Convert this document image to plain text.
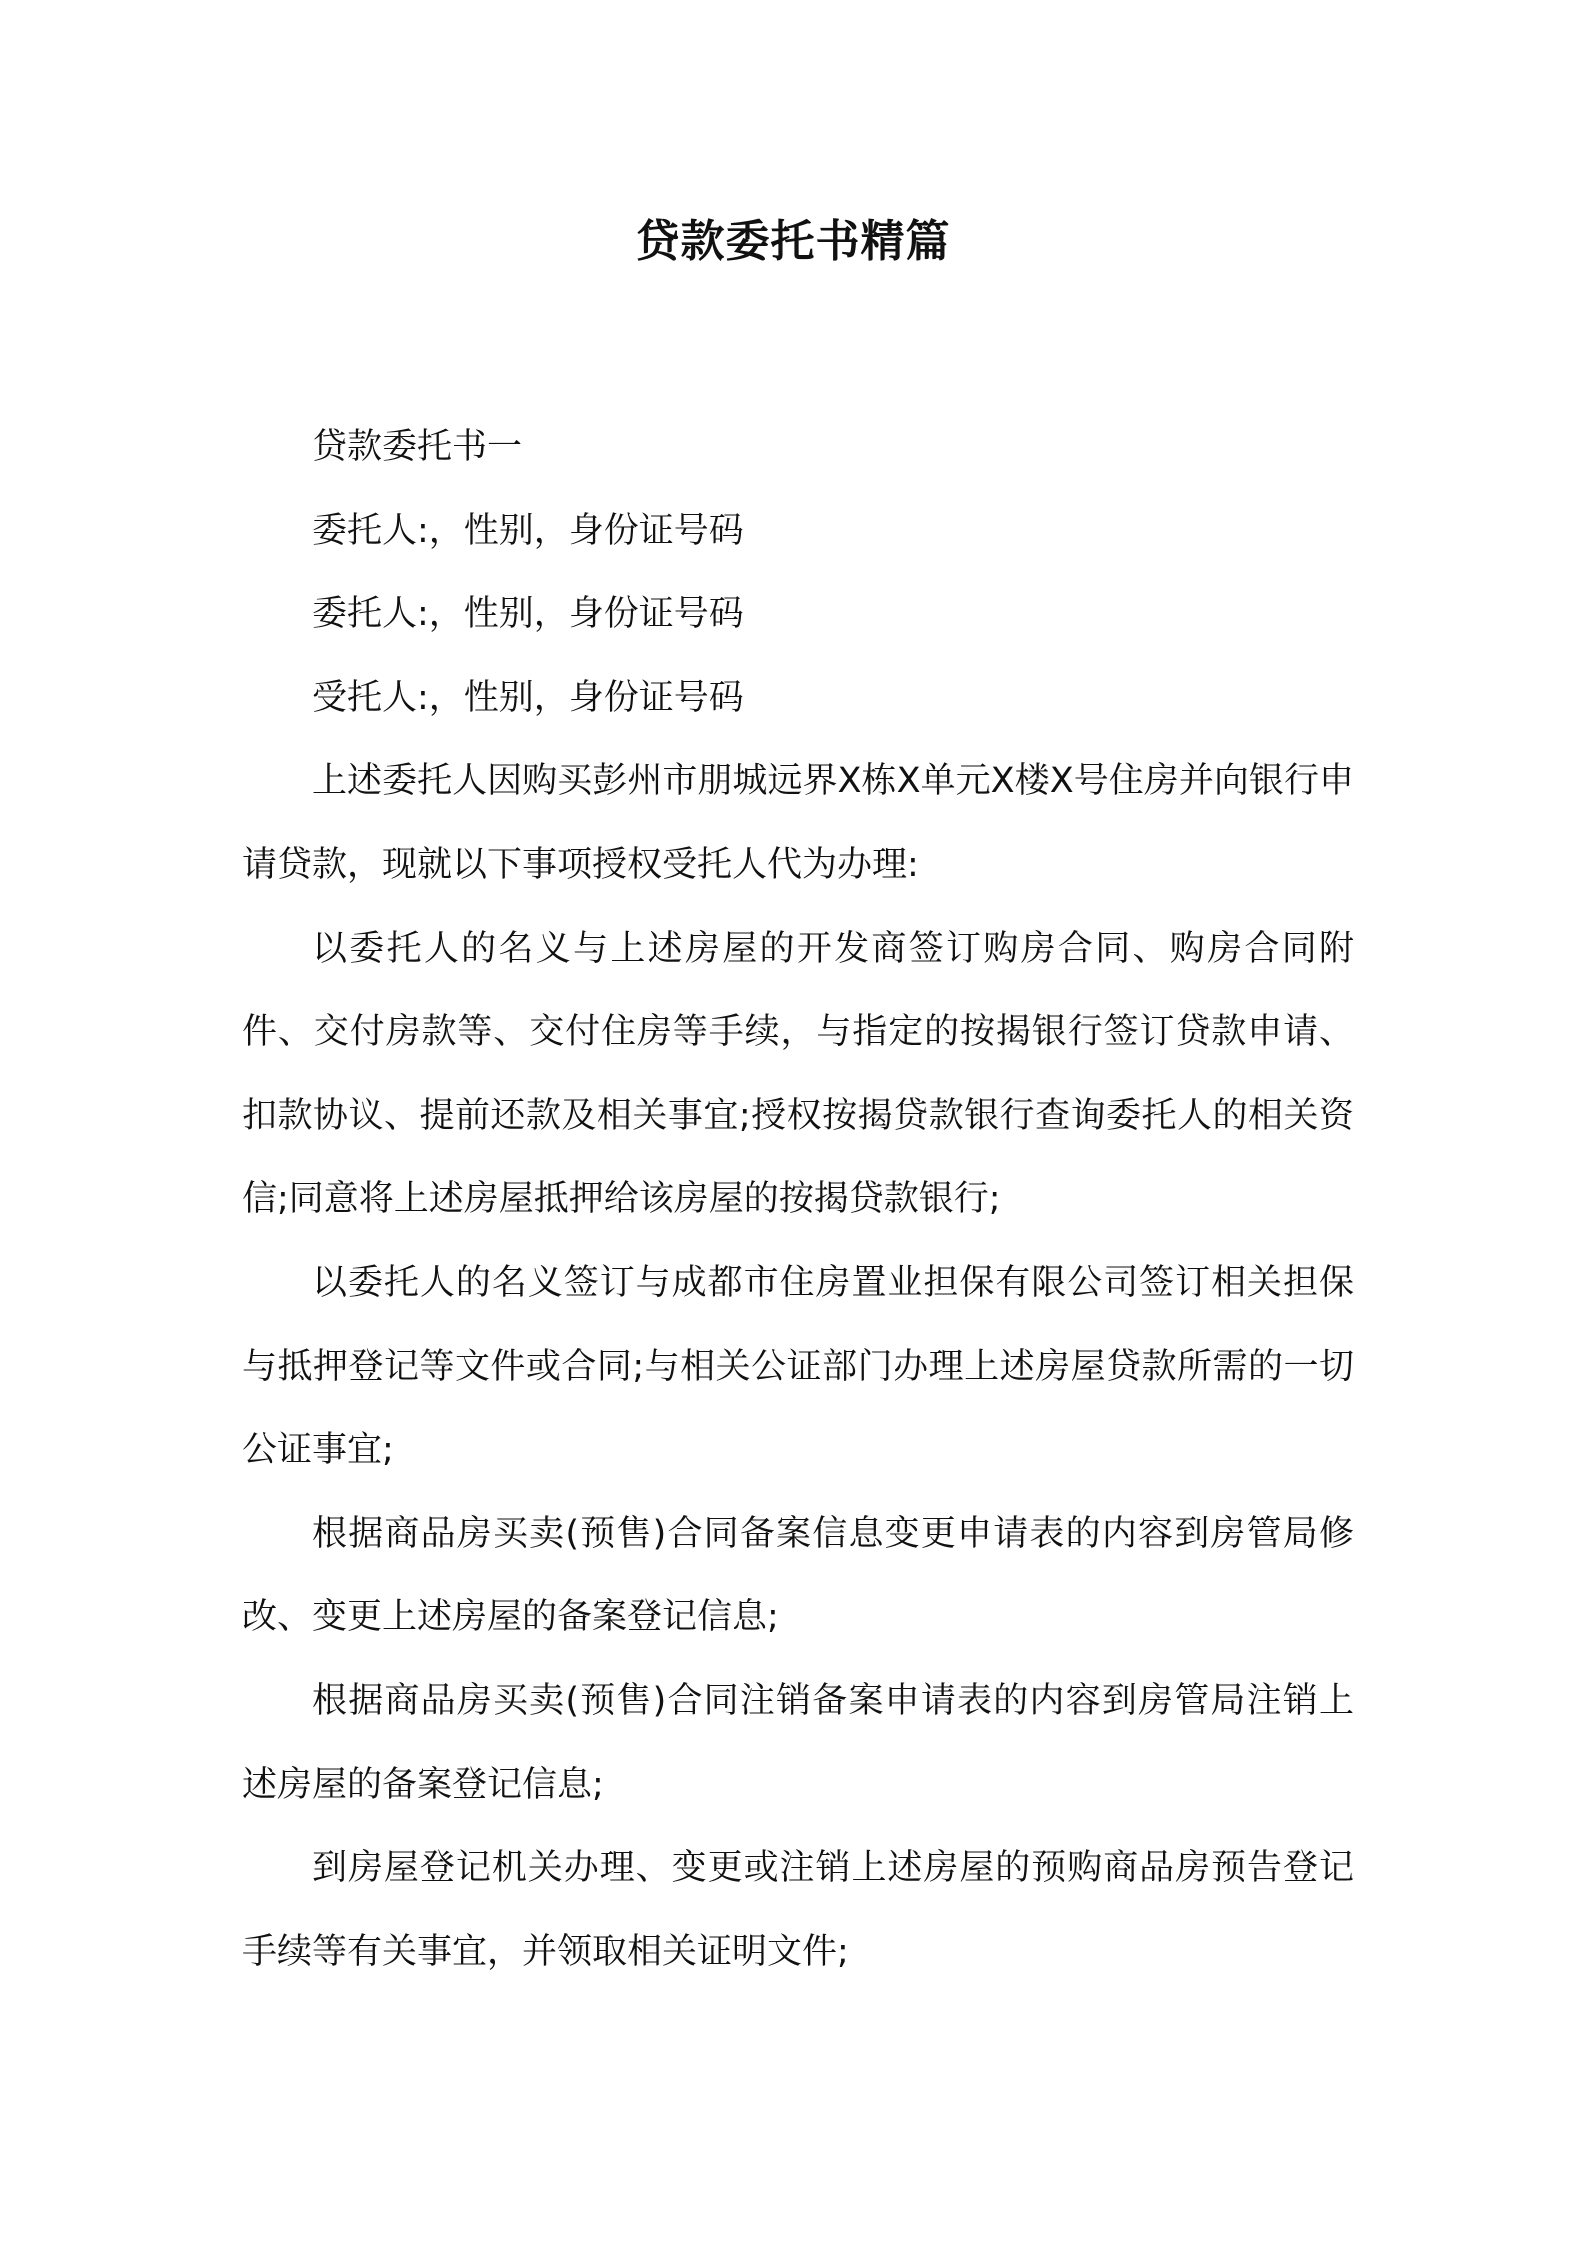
贷款委托书精篇

贷款委托书一

委托人:，性别，身份证号码

委托人:，性别，身份证号码

受托人:，性别，身份证号码

上述委托人因购买彭州市朋城远界X栋X单元X楼X号住房并向银行申请贷款，现就以下事项授权受托人代为办理:

以委托人的名义与上述房屋的开发商签订购房合同、购房合同附件、交付房款等、交付住房等手续，与指定的按揭银行签订贷款申请、扣款协议、提前还款及相关事宜;授权按揭贷款银行查询委托人的相关资信;同意将上述房屋抵押给该房屋的按揭贷款银行;

以委托人的名义签订与成都市住房置业担保有限公司签订相关担保与抵押登记等文件或合同;与相关公证部门办理上述房屋贷款所需的一切公证事宜;

根据商品房买卖(预售)合同备案信息变更申请表的内容到房管局修改、变更上述房屋的备案登记信息;

根据商品房买卖(预售)合同注销备案申请表的内容到房管局注销上述房屋的备案登记信息;

到房屋登记机关办理、变更或注销上述房屋的预购商品房预告登记手续等有关事宜，并领取相关证明文件;
